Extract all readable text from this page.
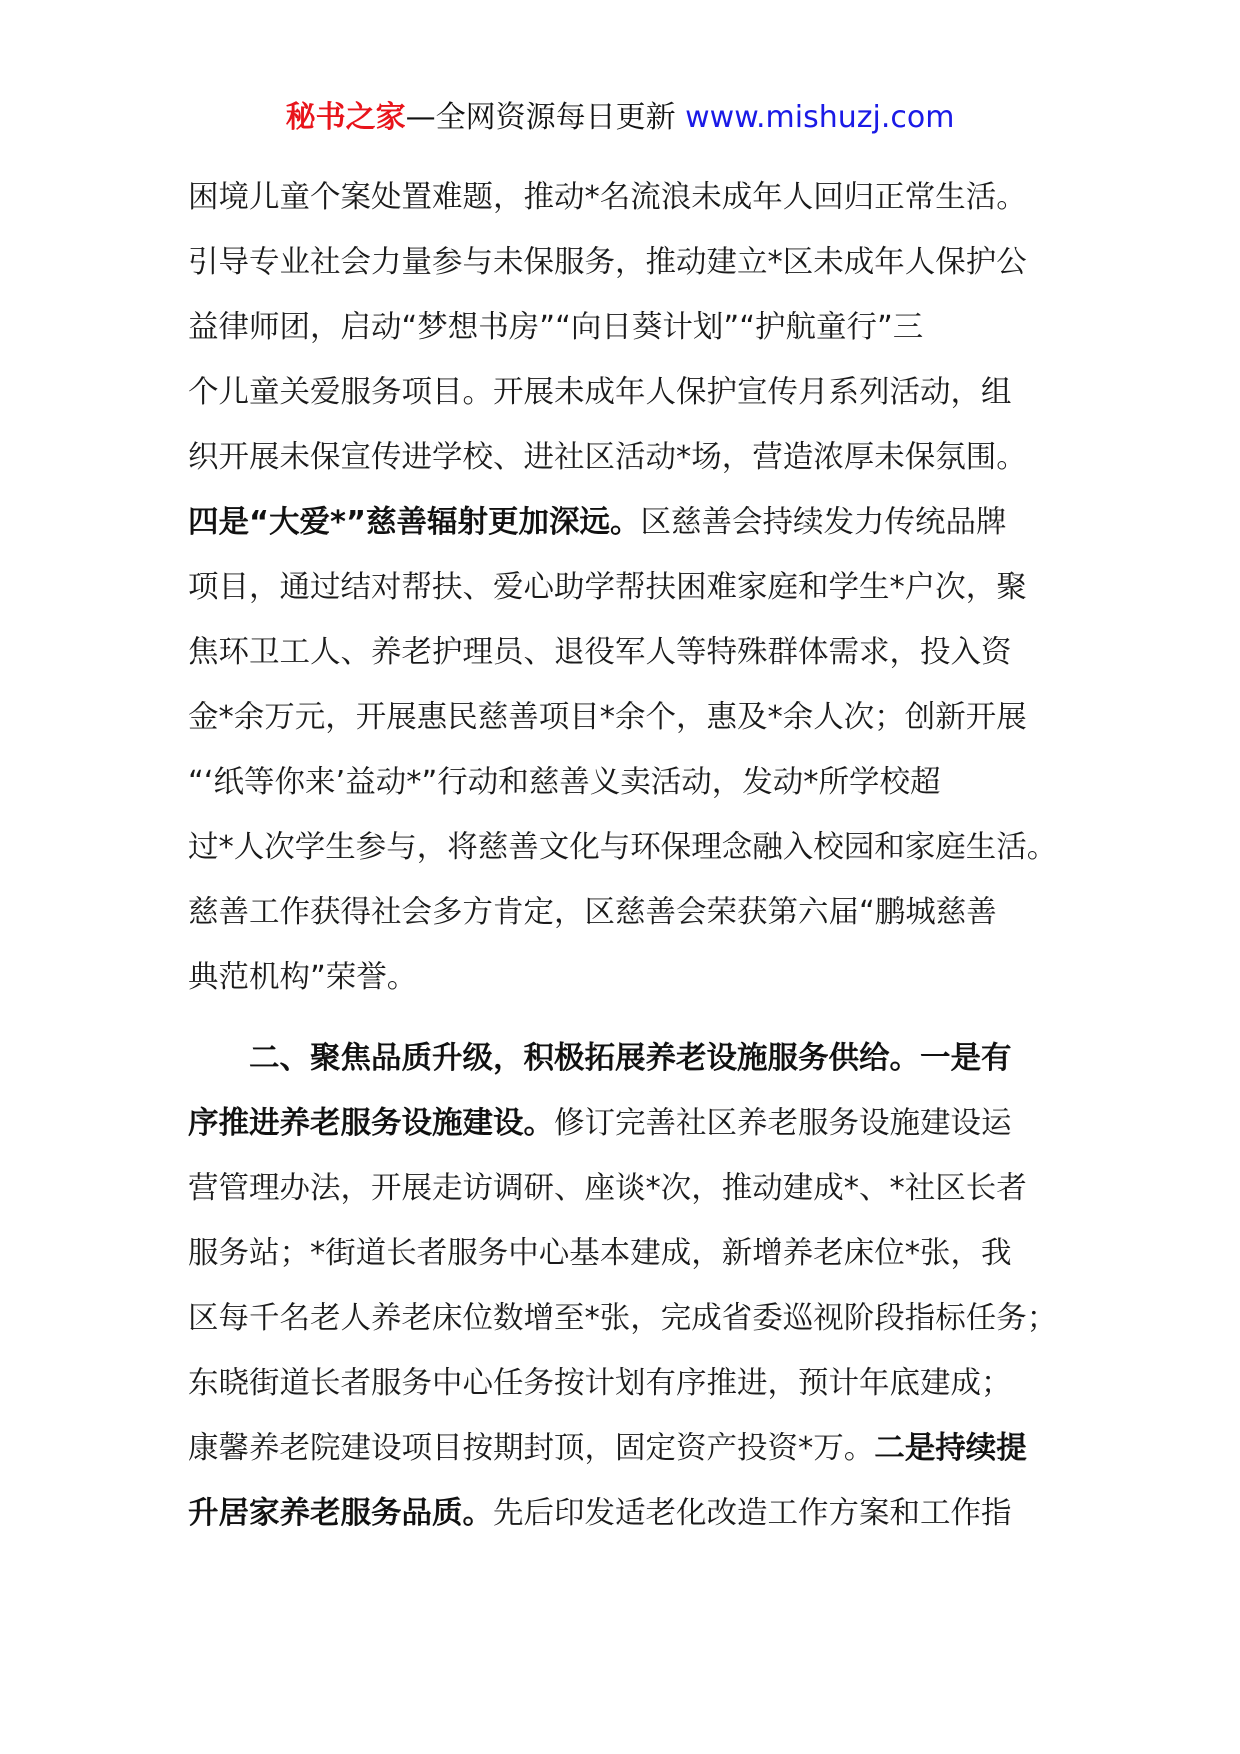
秘书之家—全网资源每日更新 www.mishuzj.com
困境儿童个案处置难题，推动*名流浪未成年人回归正常生活。
引导专业社会力量参与未保服务，推动建立*区未成年人保护公
益律师团，启动“梦想书房”“向日葵计划”“护航童行”三
个儿童关爱服务项目。开展未成年人保护宣传月系列活动，组
织开展未保宣传进学校、进社区活动*场，营造浓厚未保氛围。
四是“大爱*”慈善辐射更加深远。区慈善会持续发力传统品牌
项目，通过结对帮扶、爱心助学帮扶困难家庭和学生*户次，聚
焦环卫工人、养老护理员、退役军人等特殊群体需求，投入资
金*余万元，开展惠民慈善项目*余个，惠及*余人次；创新开展
“‘纸等你来’益动*”行动和慈善义卖活动，发动*所学校超
过*人次学生参与，将慈善文化与环保理念融入校园和家庭生活。
慈善工作获得社会多方肯定，区慈善会荣获第六届“鹏城慈善
典范机构”荣誉。
二、聚焦品质升级，积极拓展养老设施服务供给。一是有
序推进养老服务设施建设。修订完善社区养老服务设施建设运
营管理办法，开展走访调研、座谈*次，推动建成*、*社区长者
服务站；*街道长者服务中心基本建成，新增养老床位*张，我
区每千名老人养老床位数增至*张，完成省委巡视阶段指标任务；
东晓街道长者服务中心任务按计划有序推进，预计年底建成；
康馨养老院建设项目按期封顶，固定资产投资*万。二是持续提
升居家养老服务品质。先后印发适老化改造工作方案和工作指
